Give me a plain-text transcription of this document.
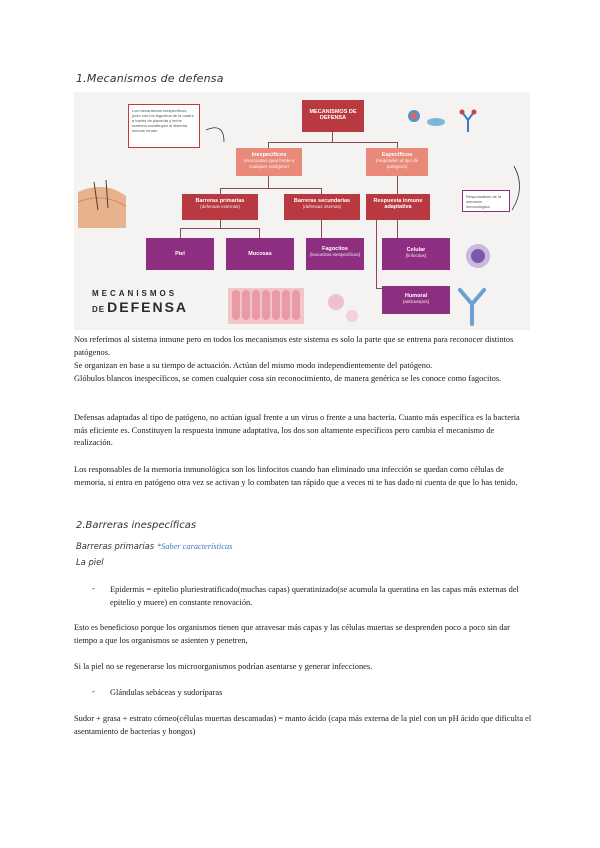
1.Mecanismos de defensa
Los mecanismos inespecíficos, junto con los fagocitos de la madre a través de placenta y leche materna constituyen el sistema inmune innato
Responsables de la memoria inmunológica
MECANISMOS DE DEFENSA
Inespecíficos
(reaccionan igual frente a cualquier patógeno)
Específicos
(responden al tipo de patógeno)
Barreras primarias
(defensas externas)
Barreras secundarias
(defensas internas)
Respuesta inmune adaptativa
Piel	Mucosas
Fagocitos
(leucocitos inespecíficos)
Celular
(linfocitos)
Humoral
(anticuerpos)
MECANISMOS
DE DEFENSA

Nos referimos al sistema inmune pero en todos los mecanismos este sistema es solo la parte que se entrena para reconocer distintos patógenos.

Se organizan en base a su tiempo de actuación. Actúan del mismo modo independientemente del patógeno.

Glóbulos blancos inespecíficos, se comen cualquier cosa sin reconocimiento, de manera genérica se les conoce como fagocitos.

Defensas adaptadas al tipo de patógeno, no actúan igual frente a un virus o frente a una bacteria. Cuanto más específica es la bacteria más eficiente es. Constituyen la respuesta inmune adaptativa, los dos son altamente específicos pero cambia el mecanismo de realización.

Los responsables de la memoria inmunológica son los linfocitos cuando han eliminado una infección se quedan como células de memoria, si entra en patógeno otra vez se activan y lo combaten tan rápido que a veces ni te has dado ni cuenta de que lo has tenido.

2.Barreras inespecíficas
Barreras primarias *Saber características
La piel
- Epidermis = epitelio pluriestratificado(muchas capas) queratinizado(se acumula la queratina en las capas más externas del epitelio y muere) en constante renovación.

Esto es beneficioso porque los organismos tienen que atravesar más capas y las células muertas se desprenden poco a poco sin dar tiempo a que los organismos se asienten y penetren,

Si la piel no se regenerarse los microorganismos podrían asentarse y generar infecciones.

- Glándulas sebáceas y sudoríparas

Sudor + grasa + estrato córneo(células muertas descamadas) = manto ácido (capa más externa de la piel con un pH ácido que dificulta el asentamiento de bacterias y hongos)
